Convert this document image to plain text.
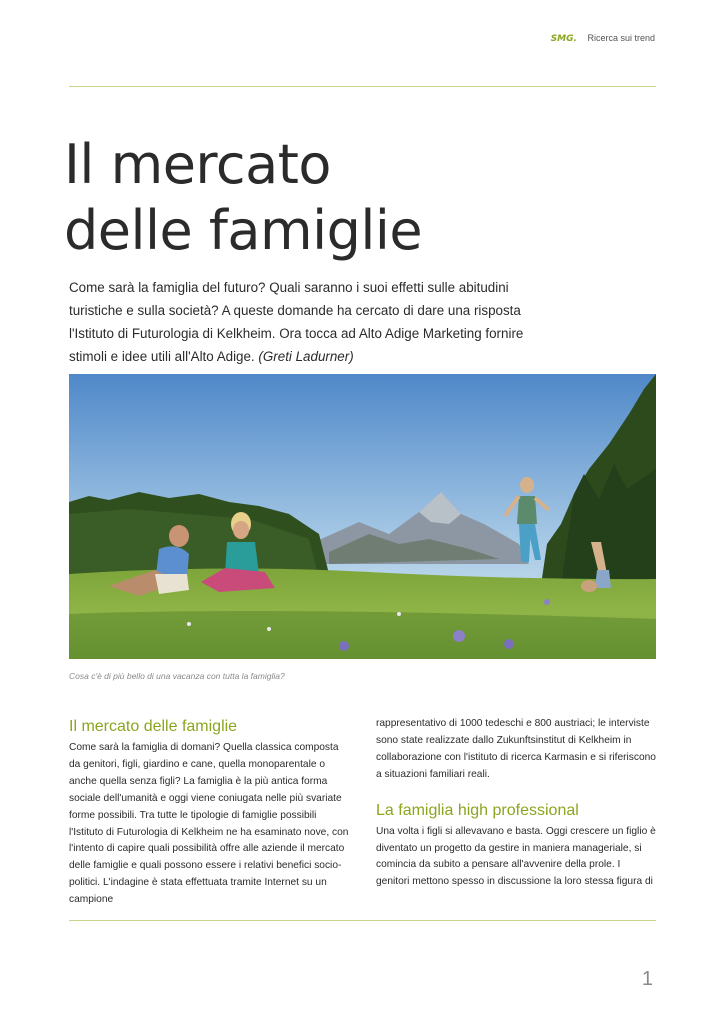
SMG. Ricerca sui trend
Il mercato
delle famiglie

Come sarà la famiglia del futuro? Quali saranno i suoi effetti sulle abitudini turistiche e sulla società? A queste domande ha cercato di dare una risposta l'Istituto di Futurologia di Kelkheim. Ora tocca ad Alto Adige Marketing fornire stimoli e idee utili all'Alto Adige. (Greti Ladurner)

Cosa c'è di più bello di una vacanza con tutta la famiglia?

Il mercato delle famiglie

Come sarà la famiglia di domani? Quella classica composta da genitori, figli, giardino e cane, quella monoparentale o anche quella senza figli? La famiglia è la più antica forma sociale dell'umanità e oggi viene coniugata nelle più svariate forme possibili. Tra tutte le tipologie di famiglie possibili l'Istituto di Futurologia di Kelkheim ne ha esaminato nove, con l'intento di capire quali possibilità offre alle aziende il mercato delle famiglie e quali possono essere i relativi benefici socio-politici. L'indagine è stata effettuata tramite Internet su un campione

rappresentativo di 1000 tedeschi e 800 austriaci; le interviste sono state realizzate dallo Zukunftsinstitut di Kelkheim in collaborazione con l'istituto di ricerca Karmasin e si riferiscono a situazioni familiari reali.

La famiglia high professional

Una volta i figli si allevavano e basta. Oggi crescere un figlio è diventato un progetto da gestire in maniera manageriale, si comincia da subito a pensare all'avvenire della prole. I genitori mettono spesso in discussione la loro stessa figura di

1
